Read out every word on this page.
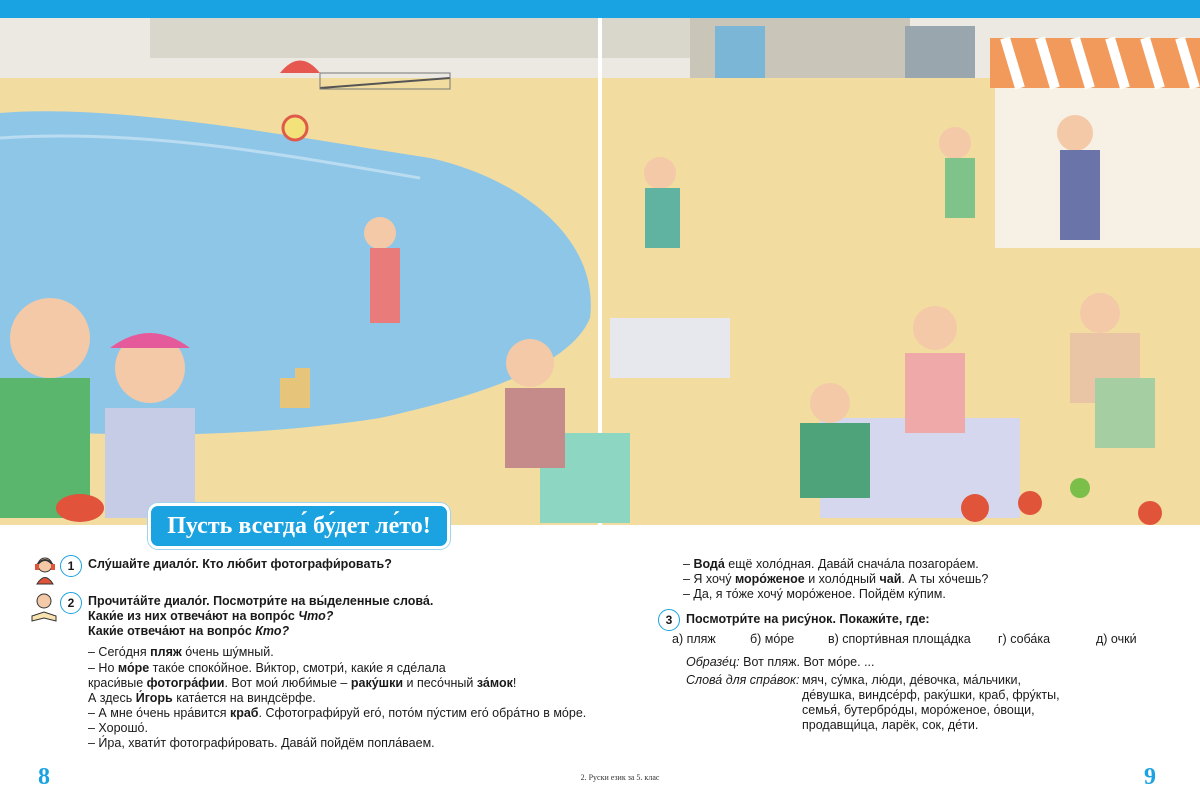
Пусть всегда́ бу́дет ле́то!
1	Слу́шайте диало́г. Кто лю́бит фотографи́ровать?
2	Прочита́йте диало́г. Посмотри́те на вы́деленные слова́.
Каки́е из них отвеча́ют на вопро́с Что?
Каки́е отвеча́ют на вопро́с Кто?
– Сего́дня пляж о́чень шу́мный.
– Но мо́ре тако́е споко́йное. Ви́ктор, смотри́, каки́е я сде́лала
краси́вые фотогра́фии. Вот мои́ люби́мые – раку́шки и песо́чный за́мок!
А здесь И́горь ката́ется на виндсёрфе.
– А мне о́чень нра́вится краб. Сфотографи́руй его́, пото́м пу́стим его́ обра́тно в мо́ре.
– Хорошо́.
– И́ра, хвати́т фотографи́ровать. Дава́й пойдём попла́ваем.
– Вода́ ещё холо́дная. Дава́й снача́ла позагора́ем.
– Я хочу́ моро́женое и холо́дный чай. А ты хо́чешь?
– Да, я то́же хочу́ моро́женое. Пойдём ку́пим.
3	Посмотри́те на рису́нок. Покажи́те, где:
а) пляж	б) мо́ре	в) спорти́вная площа́дка г) соба́ка	д) очки́
Образе́ц: Вот пляж. Вот мо́ре. ...
Слова́ для спра́вок: мяч, су́мка, лю́ди, де́вочка, ма́льчики,
де́вушка, виндсе́рф, раку́шки, краб, фру́кты,
семья́, бутербро́ды, моро́женое, о́вощи,
продавщи́ца, ларёк, сок, де́ти.
8	9
2. Руски език за 5. клас
